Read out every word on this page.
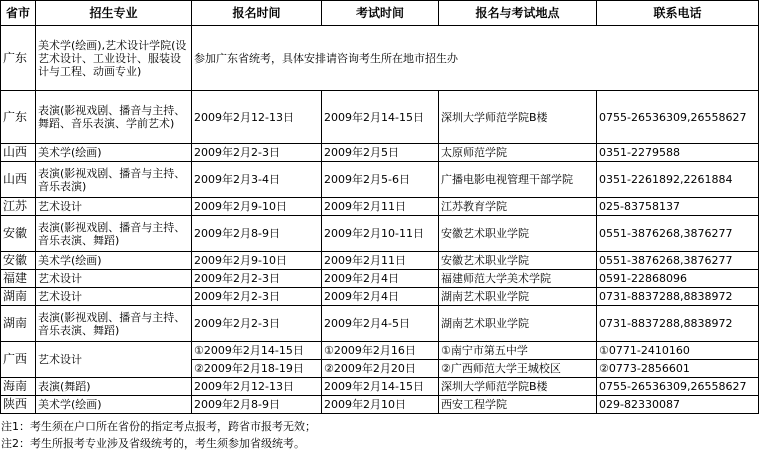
省市	招生专业	报名时间	考试时间	报名与考试地点	联系电话
广东	美术学(绘画),艺术设计学院(设艺术设计、工业设计、服装设计与工程、动画专业)	参加广东省统考，具体安排请咨询考生所在地市招生办			
广东	表演(影视戏剧、播音与主持、舞蹈、音乐表演、学前艺术)	2009年2月12-13日	2009年2月14-15日	深圳大学师范学院B楼	0755-26536309,26558627
山西	美术学(绘画)	2009年2月2-3日	2009年2月5日	太原师范学院	0351-2279588
山西	表演(影视戏剧、播音与主持、音乐表演)	2009年2月3-4日	2009年2月5-6日	广播电影电视管理干部学院	0351-2261892,2261884
江苏	艺术设计	2009年2月9-10日	2009年2月11日	江苏教育学院	025-83758137
安徽	表演(影视戏剧、播音与主持、音乐表演、舞蹈)	2009年2月8-9日	2009年2月10-11日	安徽艺术职业学院	0551-3876268,3876277
安徽	美术学(绘画)	2009年2月9-10日	2009年2月11日	安徽艺术职业学院	0551-3876268,3876277
福建	艺术设计	2009年2月2-3日	2009年2月4日	福建师范大学美术学院	0591-22868096
湖南	艺术设计	2009年2月2-3日	2009年2月4日	湖南艺术职业学院	0731-8837288,8838972
湖南	表演(影视戏剧、播音与主持、音乐表演、舞蹈)	2009年2月2-3日	2009年2月4-5日	湖南艺术职业学院	0731-8837288,8838972
广西	艺术设计	①2009年2月14-15日	①2009年2月16日	①南宁市第五中学	①0771-2410160
		②2009年2月18-19日	②2009年2月20日	②广西师范大学王城校区	②0773-2856601
海南	表演(舞蹈)	2009年2月12-13日	2009年2月14-15日	深圳大学师范学院B楼	0755-26536309,26558627
陕西	美术学(绘画)	2009年2月8-9日	2009年2月10日	西安工程学院	029-82330087
注1：考生须在户口所在省份的指定考点报考，跨省市报考无效；
注2：考生所报考专业涉及省级统考的，考生须参加省级统考。
